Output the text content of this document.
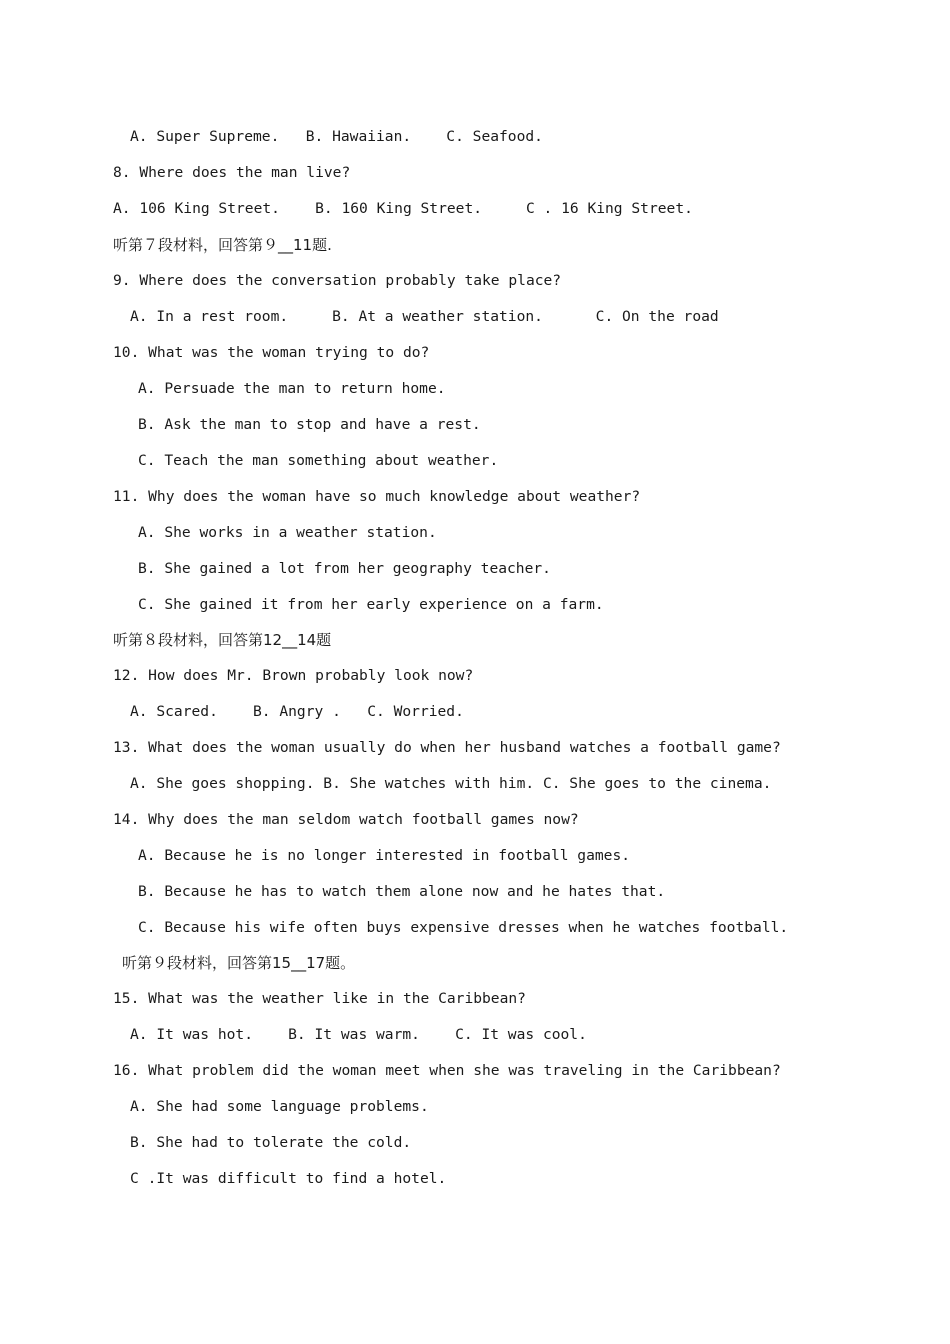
A. Super Supreme.   B. Hawaiian.    C. Seafood.
8. Where does the man live?
A. 106 King Street.    B. 160 King Street.     C . 16 King Street.
听第７段材料，回答第９__11题.
9. Where does the conversation probably take place?
A. In a rest room.     B. At a weather station.      C. On the road
10. What was the woman trying to do?
A. Persuade the man to return home.
B. Ask the man to stop and have a rest.
C. Teach the man something about weather.
11. Why does the woman have so much knowledge about weather?
A. She works in a weather station.
B. She gained a lot from her geography teacher.
C. She gained it from her early experience on a farm.
听第８段材料，回答第12__14题
12. How does Mr. Brown probably look now?
A. Scared.    B. Angry .   C. Worried.
13. What does the woman usually do when her husband watches a football game?
A. She goes shopping. B. She watches with him. C. She goes to the cinema.
14. Why does the man seldom watch football games now?
A. Because he is no longer interested in football games.
B. Because he has to watch them alone now and he hates that.
C. Because his wife often buys expensive dresses when he watches football.
听第９段材料，回答第15__17题。
15. What was the weather like in the Caribbean?
A. It was hot.    B. It was warm.    C. It was cool.
16. What problem did the woman meet when she was traveling in the Caribbean?
A. She had some language problems.
B. She had to tolerate the cold.
C .It was difficult to find a hotel.
